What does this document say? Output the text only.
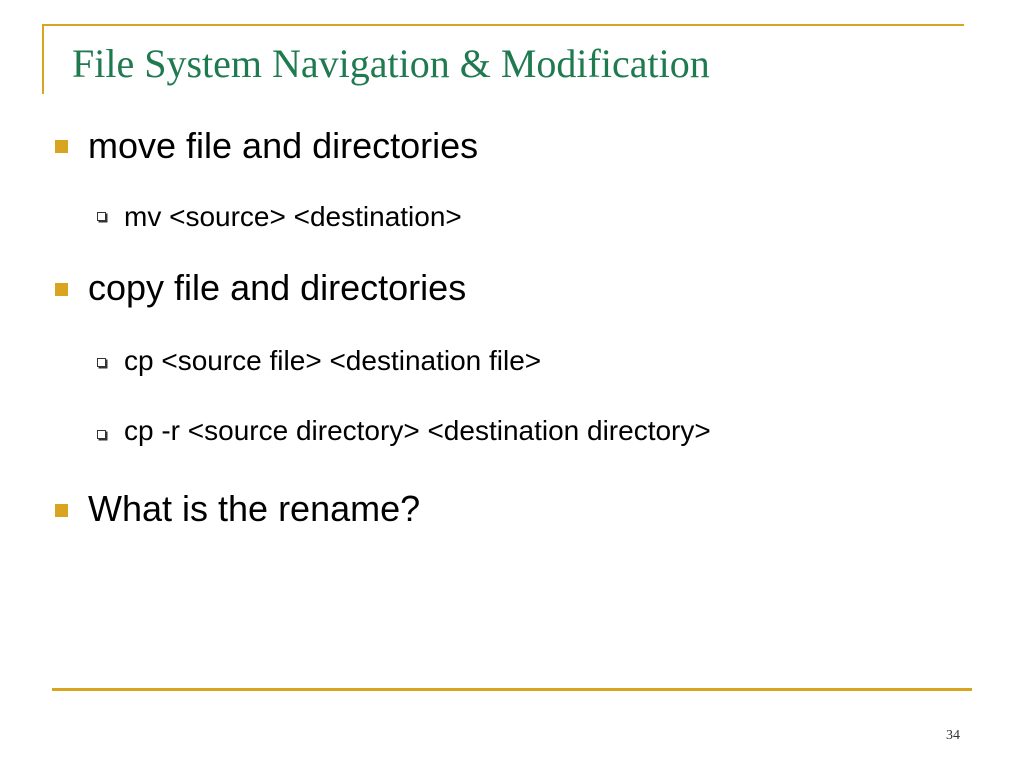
File System Navigation & Modification

move file and directories

mv <source> <destination>

copy file and directories

cp <source file> <destination file>

cp -r <source directory> <destination directory>

What is the rename?

34
